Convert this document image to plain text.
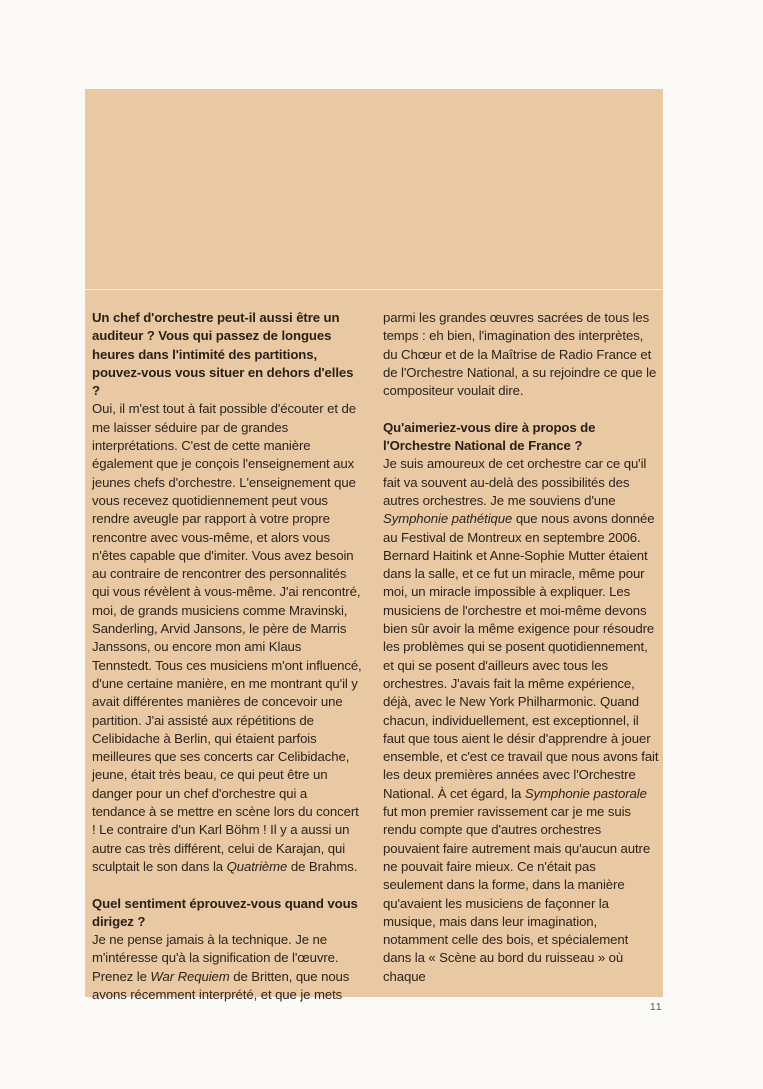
Un chef d'orchestre peut-il aussi être un auditeur ? Vous qui passez de longues heures dans l'intimité des partitions, pouvez-vous vous situer en dehors d'elles ?

Oui, il m'est tout à fait possible d'écouter et de me laisser séduire par de grandes interprétations. C'est de cette manière également que je conçois l'enseignement aux jeunes chefs d'orchestre. L'enseignement que vous recevez quotidiennement peut vous rendre aveugle par rapport à votre propre rencontre avec vous-même, et alors vous n'êtes capable que d'imiter. Vous avez besoin au contraire de rencontrer des personnalités qui vous révèlent à vous-même. J'ai rencontré, moi, de grands musiciens comme Mravinski, Sanderling, Arvid Jansons, le père de Marris Janssons, ou encore mon ami Klaus Tennstedt. Tous ces musiciens m'ont influencé, d'une certaine manière, en me montrant qu'il y avait différentes manières de concevoir une partition. J'ai assisté aux répétitions de Celibidache à Berlin, qui étaient parfois meilleures que ses concerts car Celibidache, jeune, était très beau, ce qui peut être un danger pour un chef d'orchestre qui a tendance à se mettre en scène lors du concert ! Le contraire d'un Karl Böhm ! Il y a aussi un autre cas très différent, celui de Karajan, qui sculptait le son dans la Quatrième de Brahms.

Quel sentiment éprouvez-vous quand vous dirigez ?

Je ne pense jamais à la technique. Je ne m'intéresse qu'à la signification de l'œuvre. Prenez le War Requiem de Britten, que nous avons récemment interprété, et que je mets

parmi les grandes œuvres sacrées de tous les temps : eh bien, l'imagination des interprètes, du Chœur et de la Maîtrise de Radio France et de l'Orchestre National, a su rejoindre ce que le compositeur voulait dire.

Qu'aimeriez-vous dire à propos de l'Orchestre National de France ?

Je suis amoureux de cet orchestre car ce qu'il fait va souvent au-delà des possibilités des autres orchestres. Je me souviens d'une Symphonie pathétique que nous avons donnée au Festival de Montreux en septembre 2006. Bernard Haitink et Anne-Sophie Mutter étaient dans la salle, et ce fut un miracle, même pour moi, un miracle impossible à expliquer. Les musiciens de l'orchestre et moi-même devons bien sûr avoir la même exigence pour résoudre les problèmes qui se posent quotidiennement, et qui se posent d'ailleurs avec tous les orchestres. J'avais fait la même expérience, déjà, avec le New York Philharmonic. Quand chacun, individuellement, est exceptionnel, il faut que tous aient le désir d'apprendre à jouer ensemble, et c'est ce travail que nous avons fait les deux premières années avec l'Orchestre National. À cet égard, la Symphonie pastorale fut mon premier ravissement car je me suis rendu compte que d'autres orchestres pouvaient faire autrement mais qu'aucun autre ne pouvait faire mieux. Ce n'était pas seulement dans la forme, dans la manière qu'avaient les musiciens de façonner la musique, mais dans leur imagination, notamment celle des bois, et spécialement dans la « Scène au bord du ruisseau » où chaque

11
